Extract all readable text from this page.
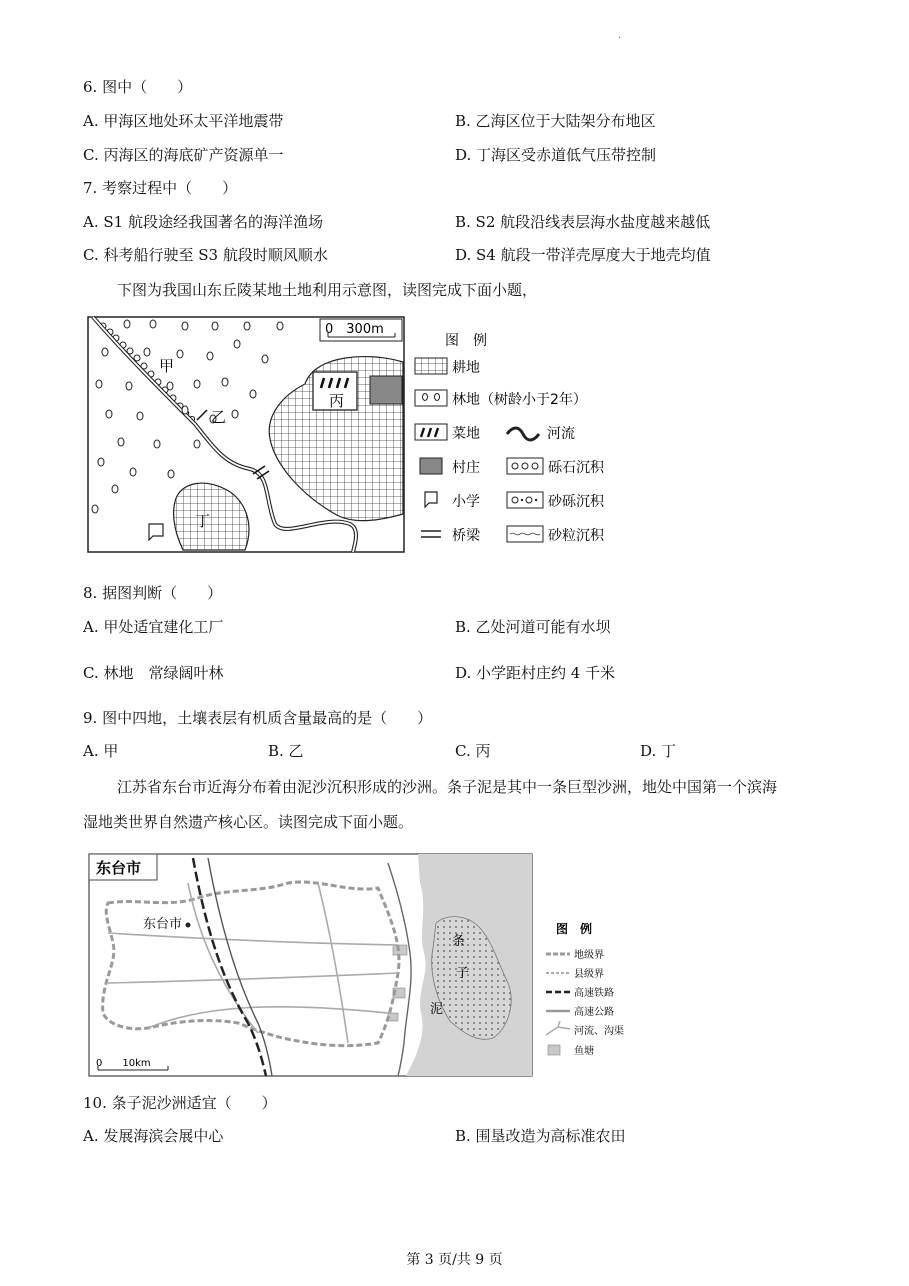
.
6. 图中（　　）
A. 甲海区地处环太平洋地震带	B. 乙海区位于大陆架分布地区
C. 丙海区的海底矿产资源单一	D. 丁海区受赤道低气压带控制
7. 考察过程中（　　）
A. S1 航段途经我国著名的海洋渔场	B. S2 航段沿线表层海水盐度越来越低
C. 科考船行驶至 S3 航段时顺风顺水	D. S4 航段一带洋壳厚度大于地壳均值
下图为我国山东丘陵某地土地利用示意图，读图完成下面小题，
甲
乙
丙
丁
0　300m
图　例
耕地
林地（树龄小于2年）
菜地	河流
村庄	砾石沉积
小学	砂砾沉积
桥梁	砂粒沉积
8. 据图判断（　　）
A. 甲处适宜建化工厂	B. 乙处河道可能有水坝
C. 林地　常绿阔叶林	D. 小学距村庄约 4 千米
9. 图中四地，土壤表层有机质含量最高的是（　　）
A. 甲	B. 乙	C. 丙	D. 丁
江苏省东台市近海分布着由泥沙沉积形成的沙洲。条子泥是其中一条巨型沙洲，地处中国第一个滨海
湿地类世界自然遗产核心区。读图完成下面小题。
东台市
东台市
条
子
泥
0　　10km
图　例
地级界
县级界
高速铁路
高速公路
河流、沟渠
鱼塘
10. 条子泥沙洲适宜（　　）
A. 发展海滨会展中心	B. 围垦改造为高标准农田
第 3 页/共 9 页
